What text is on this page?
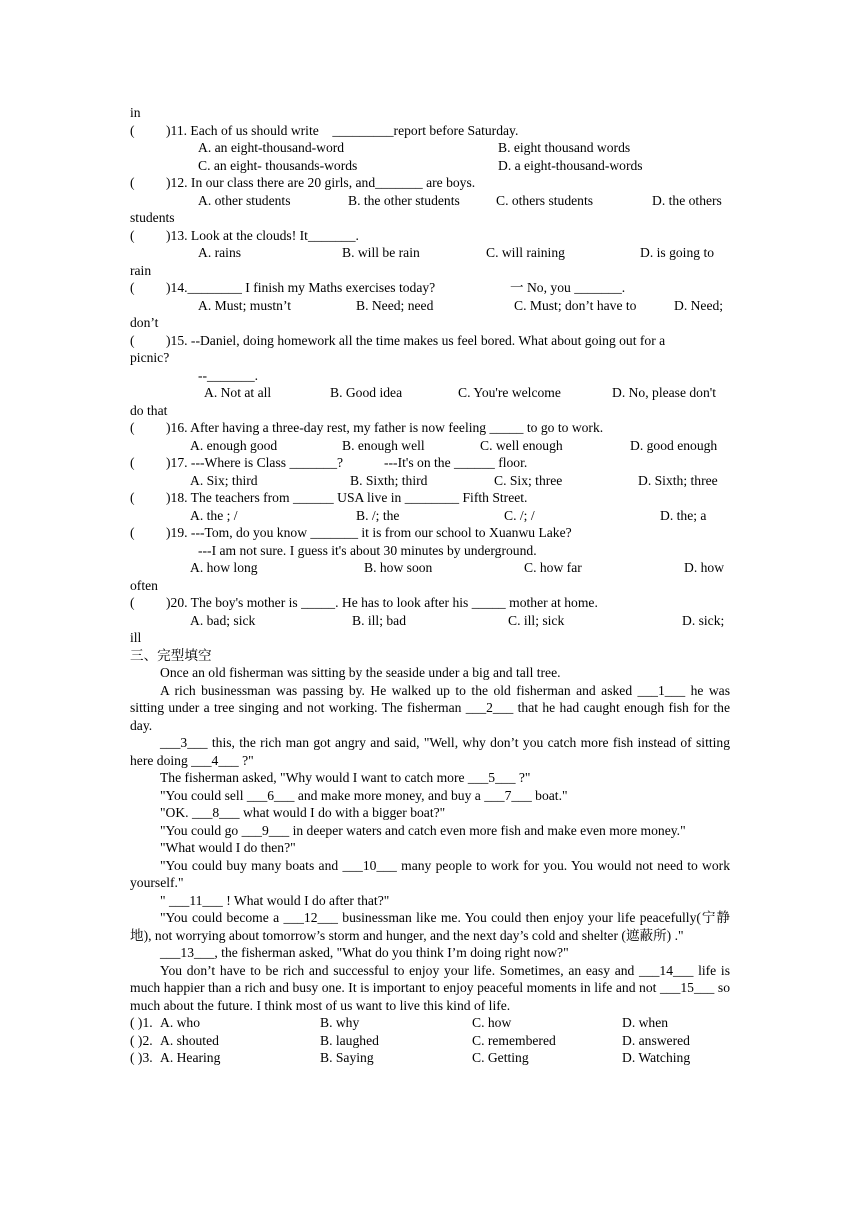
in

(

)11. Each of us should write    _________report before Saturday.

A. an eight-thousand-word

	B. eight thousand words

C. an eight- thousands-words

	D. a eight-thousand-words

(

)12. In our class there are 20 girls, and_______ are boys.

A. other students

	B. the other students

	C. others students

	D. the others

students

(

)13. Look at the clouds! It_______.

A. rains

	B. will be rain

	C. will raining

	D. is going to

rain

(

)14.________ I finish my Maths exercises today?

	一 No, you _______.

A. Must; mustn’t

	B. Need; need

	C. Must; don’t have to

	D. Need;

don’t

(

)15. --Daniel, doing homework all the time makes us feel bored. What about going out for a

picnic?

--_______.

A. Not at all

	B. Good idea

	C. You're welcome

	D. No, please don't

do that

(

)16. After having a three-day rest, my father is now feeling _____ to go to work.

A. enough good

	B. enough well

	C. well enough

	D. good enough

(

)17. ---Where is Class _______?

	---It's on the ______ floor.

A. Six; third

	B. Sixth; third

	C. Six; three

	D. Sixth; three

(

)18. The teachers from ______ USA live in ________ Fifth Street.

A. the ; /

	B. /; the

	C. /; /

	D. the; a

(

)19. ---Tom, do you know _______ it is from our school to Xuanwu Lake?

---I am not sure. I guess it's about 30 minutes by underground.

A. how long

	B. how soon

	C. how far

	D. how

often

(

)20. The boy's mother is _____. He has to look after his _____ mother at home.

A. bad; sick

	B. ill; bad

	C. ill; sick

	D. sick;

ill
三、完型填空
Once an old fisherman was sitting by the seaside under a big and tall tree.
A rich businessman was passing by. He walked up to the old fisherman and asked ___1___ he was sitting under a tree singing and not working. The fisherman ___2___ that he had caught enough fish for the day.
___3___ this, the rich man got angry and said, "Well, why don’t you catch more fish instead of sitting here doing ___4___ ?"
The fisherman asked, "Why would I want to catch more ___5___ ?"
"You could sell ___6___ and make more money, and buy a ___7___ boat."
"OK. ___8___ what would I do with a bigger boat?"
"You could go ___9___ in deeper waters and catch even more fish and make even more money."
"What would I do then?"
"You could buy many boats and ___10___ many people to work for you. You would not need to work yourself."
" ___11___ ! What would I do after that?"
"You could become a ___12___ businessman like me. You could then enjoy your life peacefully(宁静地), not worrying about tomorrow’s storm and hunger, and the next day’s cold and shelter (遮蔽所) ."
___13___, the fisherman asked, "What do you think I’m doing right now?"
You don’t have to be rich and successful to enjoy your life. Sometimes, an easy and ___14___ life is much happier than a rich and busy one. It is important to enjoy peaceful moments in life and not ___15___ so much about the future. I think most of us want to live this kind of life.

( )1.

A. who

	B. why

	C. how

	D. when

( )2.

A. shouted

	B. laughed

	C. remembered

	D. answered

( )3.

A. Hearing

	B. Saying

	C. Getting

	D. Watching
